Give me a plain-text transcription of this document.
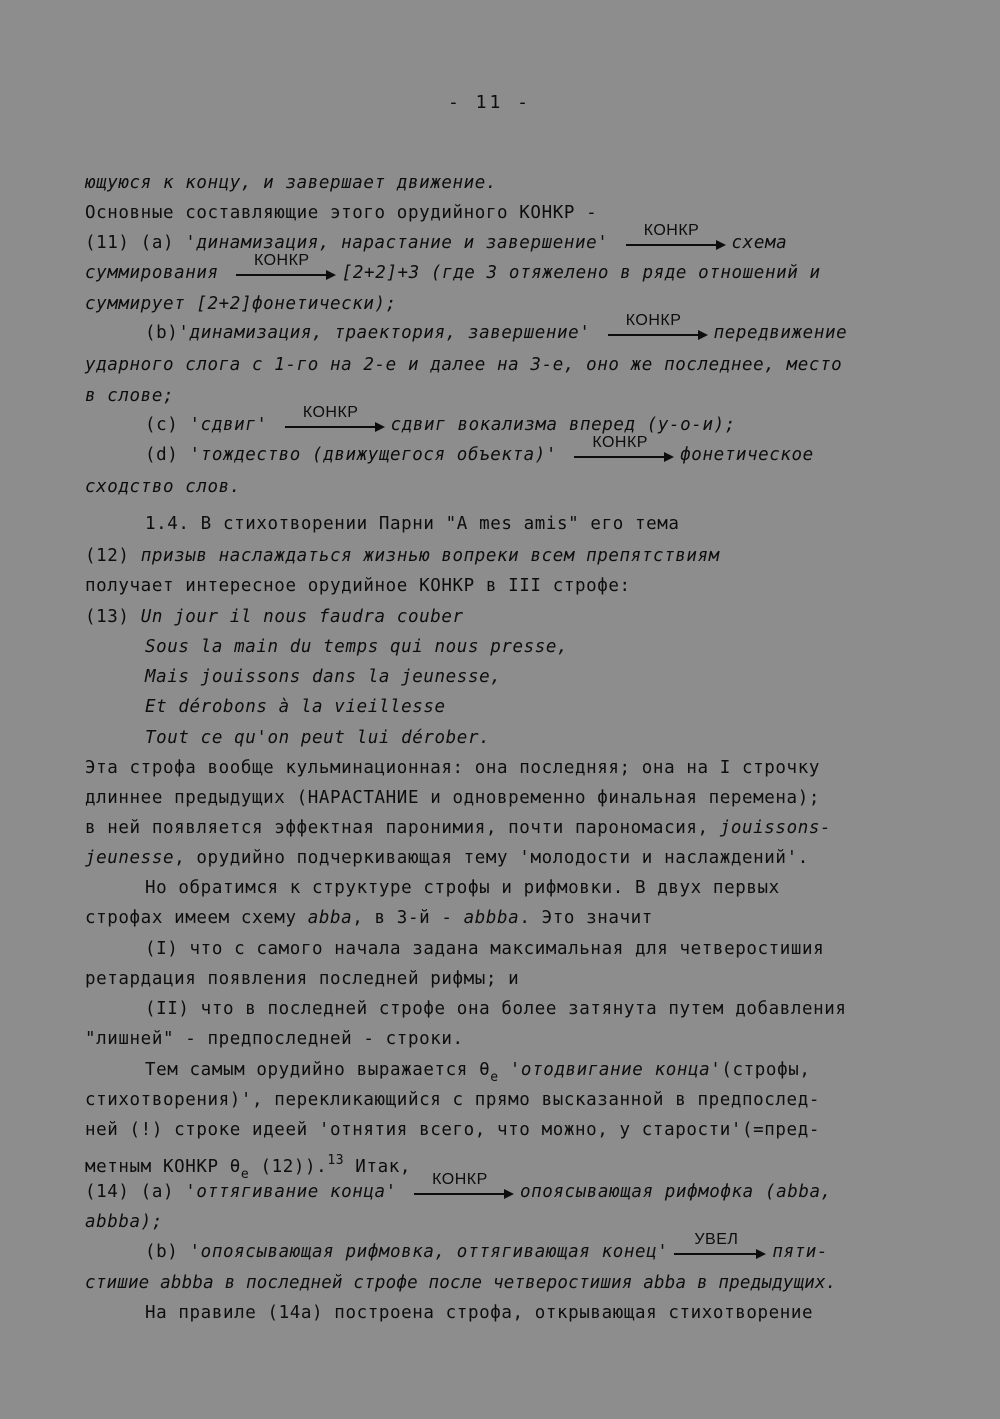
- 11 -
ющуюся к концу, и завершает движение.
Основные составляющие этого орудийного КОНКР -
(11) (а) 'динамизация, нарастание и завершение'
КОНКР
схема
суммирования
КОНКР
[2+2]+3 (где 3 отяжелено в ряде отношений и
суммирует [2+2]фонетически);
(b)'динамизация, траектория, завершение'
КОНКР
передвижение
ударного слога с 1-го на 2-е и далее на 3-е, оно же последнее, место
в слове;
(с) 'сдвиг'
КОНКР
сдвиг вокализма вперед (у-о-и);
(d) 'тождество (движущегося объекта)'
КОНКР
фонетическое
сходство слов.
1.4. В стихотворении Парни "A mes amis" его тема
(12) призыв наслаждаться жизнью вопреки всем препятствиям
получает интересное орудийное КОНКР в III строфе:
(13) Un jour il nous faudra couber
Sous la main du temps qui nous presse,
Mais jouissons dans la jeunesse,
Et dérobons à la vieillesse
Tout ce qu'on peut lui dérober.
Эта строфа вообще кульминационная: она последняя; она на I строчку
длиннее предыдущих (НАРАСТАНИЕ и одновременно финальная перемена);
в ней появляется эффектная паронимия, почти парономасия, jouissons-
jeunesse, орудийно подчеркивающая тему 'молодости и наслаждений'.
Но обратимся к структуре строфы и рифмовки. В двух первых
строфах имеем схему abba, в 3-й - abbba. Это значит
(I) что с самого начала задана максимальная для четверостишия
ретардация появления последней рифмы; и
(II) что в последней строфе она более затянута путем добавления
"лишней" - предпоследней - строки.
Тем самым орудийно выражается $\theta_e$ 'отодвигание конца'(строфы,
стихотворения)', перекликающийся с прямо высказанной в предпослед-
ней (!) строке идеей 'отнятия всего, что можно, у старости'(=пред-
метным КОНКР $\theta_e$ (12)).$^{13}$ Итак,
(14) (а) 'оттягивание конца'
КОНКР
опоясывающая рифмофка (abba,
abbba);
(b) 'опоясывающая рифмовка, оттягивающая конец'
УВЕЛ
пяти-
стишие abbba в последней строфе после четверостишия abba в предыдущих.
На правиле (14а) построена строфа, открывающая стихотворение
